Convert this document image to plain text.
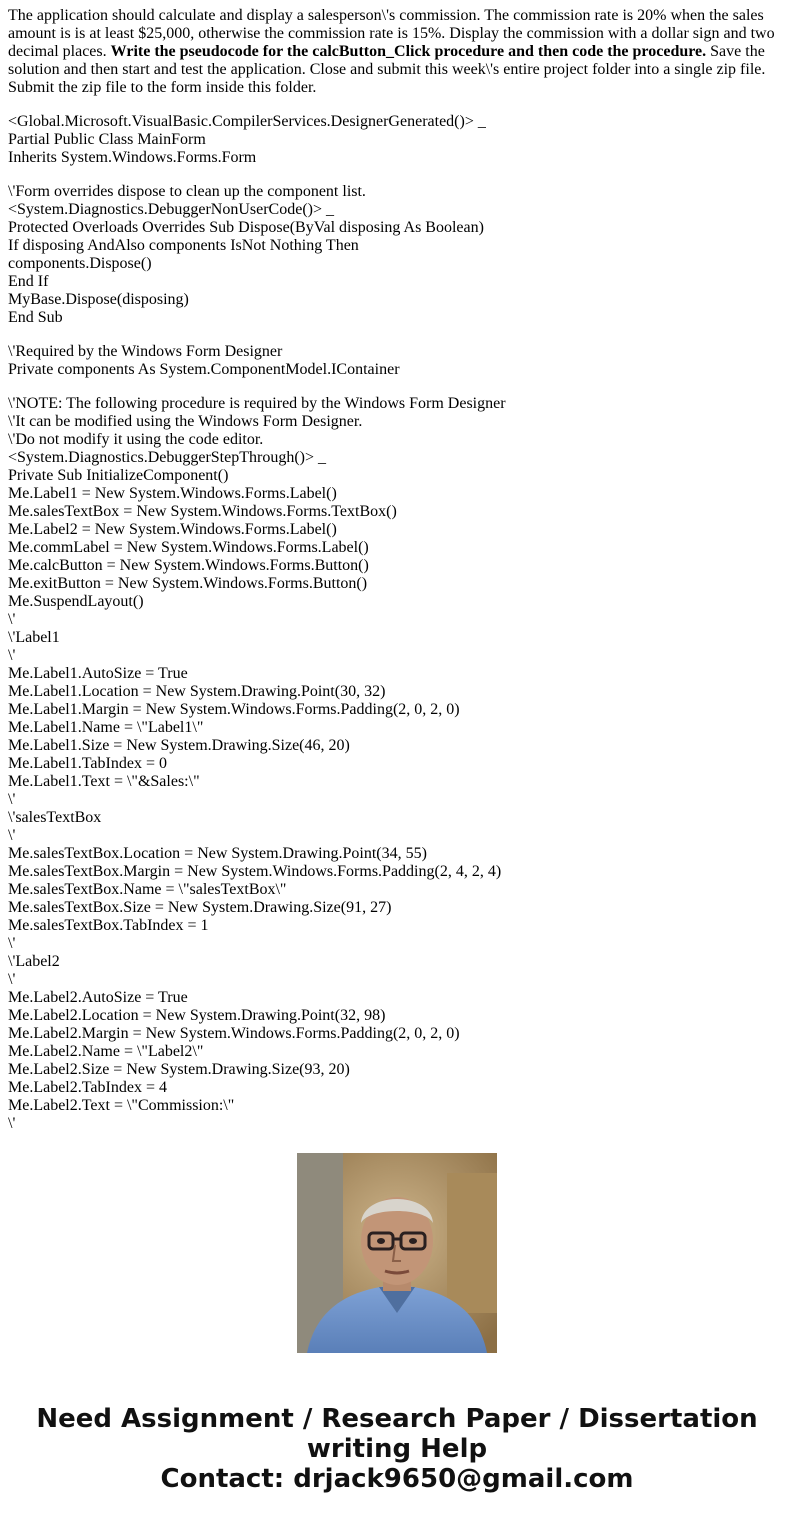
The application should calculate and display a salesperson\'s commission. The commission rate is 20% when the sales amount is is at least $25,000, otherwise the commission rate is 15%. Display the commission with a dollar sign and two decimal places. Write the pseudocode for the calcButton_Click procedure and then code the procedure. Save the solution and then start and test the application. Close and submit this week\'s entire project folder into a single zip file. Submit the zip file to the form inside this folder.

<Global.Microsoft.VisualBasic.CompilerServices.DesignerGenerated()> _
Partial Public Class MainForm
Inherits System.Windows.Forms.Form
\'Form overrides dispose to clean up the component list.
<System.Diagnostics.DebuggerNonUserCode()> _
Protected Overloads Overrides Sub Dispose(ByVal disposing As Boolean)
If disposing AndAlso components IsNot Nothing Then
components.Dispose()
End If
MyBase.Dispose(disposing)
End Sub
\'Required by the Windows Form Designer
Private components As System.ComponentModel.IContainer
\'NOTE: The following procedure is required by the Windows Form Designer
\'It can be modified using the Windows Form Designer.
\'Do not modify it using the code editor.
<System.Diagnostics.DebuggerStepThrough()> _
Private Sub InitializeComponent()
Me.Label1 = New System.Windows.Forms.Label()
Me.salesTextBox = New System.Windows.Forms.TextBox()
Me.Label2 = New System.Windows.Forms.Label()
Me.commLabel = New System.Windows.Forms.Label()
Me.calcButton = New System.Windows.Forms.Button()
Me.exitButton = New System.Windows.Forms.Button()
Me.SuspendLayout()
\'
\'Label1
\'
Me.Label1.AutoSize = True
Me.Label1.Location = New System.Drawing.Point(30, 32)
Me.Label1.Margin = New System.Windows.Forms.Padding(2, 0, 2, 0)
Me.Label1.Name = \"Label1\"
Me.Label1.Size = New System.Drawing.Size(46, 20)
Me.Label1.TabIndex = 0
Me.Label1.Text = \"&Sales:\"
\'
\'salesTextBox
\'
Me.salesTextBox.Location = New System.Drawing.Point(34, 55)
Me.salesTextBox.Margin = New System.Windows.Forms.Padding(2, 4, 2, 4)
Me.salesTextBox.Name = \"salesTextBox\"
Me.salesTextBox.Size = New System.Drawing.Size(91, 27)
Me.salesTextBox.TabIndex = 1
\'
\'Label2
\'
Me.Label2.AutoSize = True
Me.Label2.Location = New System.Drawing.Point(32, 98)
Me.Label2.Margin = New System.Windows.Forms.Padding(2, 0, 2, 0)
Me.Label2.Name = \"Label2\"
Me.Label2.Size = New System.Drawing.Size(93, 20)
Me.Label2.TabIndex = 4
Me.Label2.Text = \"Commission:\"
\'
Need Assignment / Research Paper / Dissertation
writing Help
Contact: drjack9650@gmail.com
